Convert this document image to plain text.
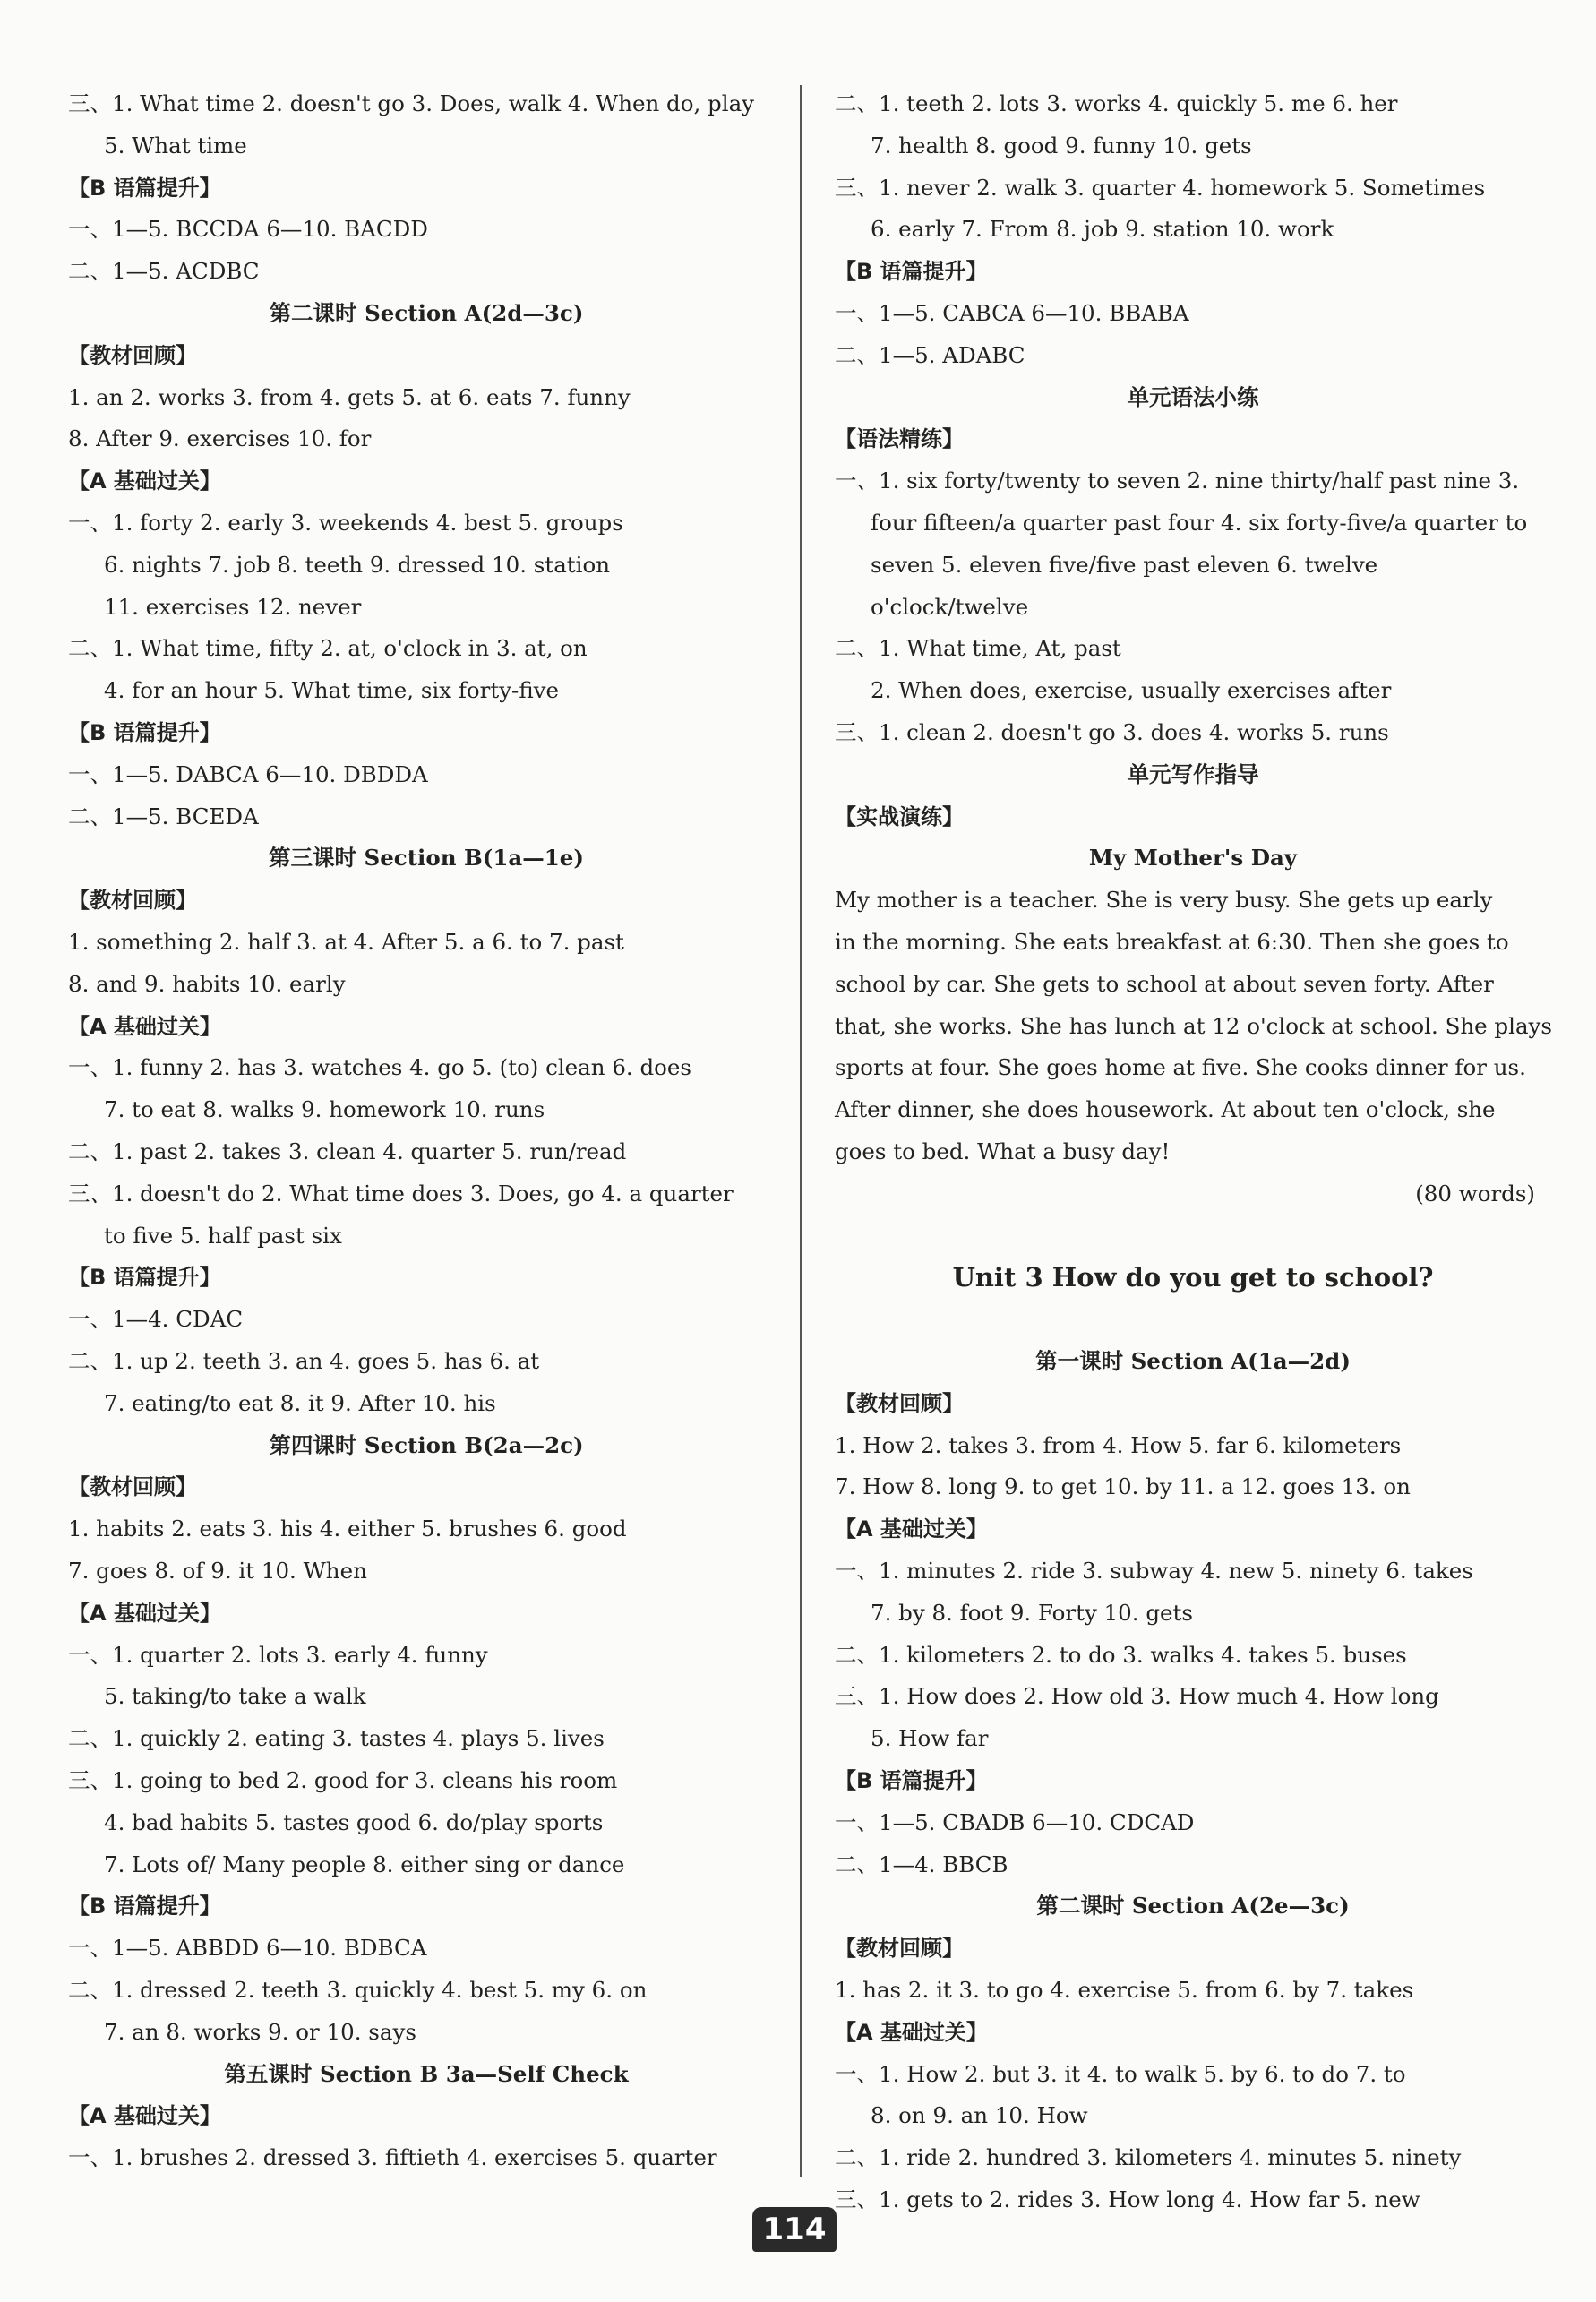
三、1. What time 2. doesn't go 3. Does, walk 4. When do, play
5. What time
【B 语篇提升】
一、1—5. BCCDA 6—10. BACDD
二、1—5. ACDBC
第二课时 Section A(2d—3c)
【教材回顾】
1. an 2. works 3. from 4. gets 5. at 6. eats 7. funny
8. After 9. exercises 10. for
【A 基础过关】
一、1. forty 2. early 3. weekends 4. best 5. groups
6. nights 7. job 8. teeth 9. dressed 10. station
11. exercises 12. never
二、1. What time, fifty 2. at, o'clock in 3. at, on
4. for an hour 5. What time, six forty-five
【B 语篇提升】
一、1—5. DABCA 6—10. DBDDA
二、1—5. BCEDA
第三课时 Section B(1a—1e)
【教材回顾】
1. something 2. half 3. at 4. After 5. a 6. to 7. past
8. and 9. habits 10. early
【A 基础过关】
一、1. funny 2. has 3. watches 4. go 5. (to) clean 6. does
7. to eat 8. walks 9. homework 10. runs
二、1. past 2. takes 3. clean 4. quarter 5. run/read
三、1. doesn't do 2. What time does 3. Does, go 4. a quarter
to five 5. half past six
【B 语篇提升】
一、1—4. CDAC
二、1. up 2. teeth 3. an 4. goes 5. has 6. at
7. eating/to eat 8. it 9. After 10. his
第四课时 Section B(2a—2c)
【教材回顾】
1. habits 2. eats 3. his 4. either 5. brushes 6. good
7. goes 8. of 9. it 10. When
【A 基础过关】
一、1. quarter 2. lots 3. early 4. funny
5. taking/to take a walk
二、1. quickly 2. eating 3. tastes 4. plays 5. lives
三、1. going to bed 2. good for 3. cleans his room
4. bad habits 5. tastes good 6. do/play sports
7. Lots of/ Many people 8. either sing or dance
【B 语篇提升】
一、1—5. ABBDD 6—10. BDBCA
二、1. dressed 2. teeth 3. quickly 4. best 5. my 6. on
7. an 8. works 9. or 10. says
第五课时 Section B 3a—Self Check
【A 基础过关】
一、1. brushes 2. dressed 3. fiftieth 4. exercises 5. quarter
二、1. teeth 2. lots 3. works 4. quickly 5. me 6. her
7. health 8. good 9. funny 10. gets
三、1. never 2. walk 3. quarter 4. homework 5. Sometimes
6. early 7. From 8. job 9. station 10. work
【B 语篇提升】
一、1—5. CABCA 6—10. BBABA
二、1—5. ADABC
单元语法小练
【语法精练】
一、1. six forty/twenty to seven 2. nine thirty/half past nine 3.
four fifteen/a quarter past four 4. six forty-five/a quarter to
seven 5. eleven five/five past eleven 6. twelve
o'clock/twelve
二、1. What time, At, past
2. When does, exercise, usually exercises after
三、1. clean 2. doesn't go 3. does 4. works 5. runs
单元写作指导
【实战演练】
My Mother's Day
My mother is a teacher. She is very busy. She gets up early
in the morning. She eats breakfast at 6:30. Then she goes to
school by car. She gets to school at about seven forty. After
that, she works. She has lunch at 12 o'clock at school. She plays
sports at four. She goes home at five. She cooks dinner for us.
After dinner, she does housework. At about ten o'clock, she
goes to bed. What a busy day!
(80 words)
Unit 3 How do you get to school?
第一课时 Section A(1a—2d)
【教材回顾】
1. How 2. takes 3. from 4. How 5. far 6. kilometers
7. How 8. long 9. to get 10. by 11. a 12. goes 13. on
【A 基础过关】
一、1. minutes 2. ride 3. subway 4. new 5. ninety 6. takes
7. by 8. foot 9. Forty 10. gets
二、1. kilometers 2. to do 3. walks 4. takes 5. buses
三、1. How does 2. How old 3. How much 4. How long
5. How far
【B 语篇提升】
一、1—5. CBADB 6—10. CDCAD
二、1—4. BBCB
第二课时 Section A(2e—3c)
【教材回顾】
1. has 2. it 3. to go 4. exercise 5. from 6. by 7. takes
【A 基础过关】
一、1. How 2. but 3. it 4. to walk 5. by 6. to do 7. to
8. on 9. an 10. How
二、1. ride 2. hundred 3. kilometers 4. minutes 5. ninety
三、1. gets to 2. rides 3. How long 4. How far 5. new
114
